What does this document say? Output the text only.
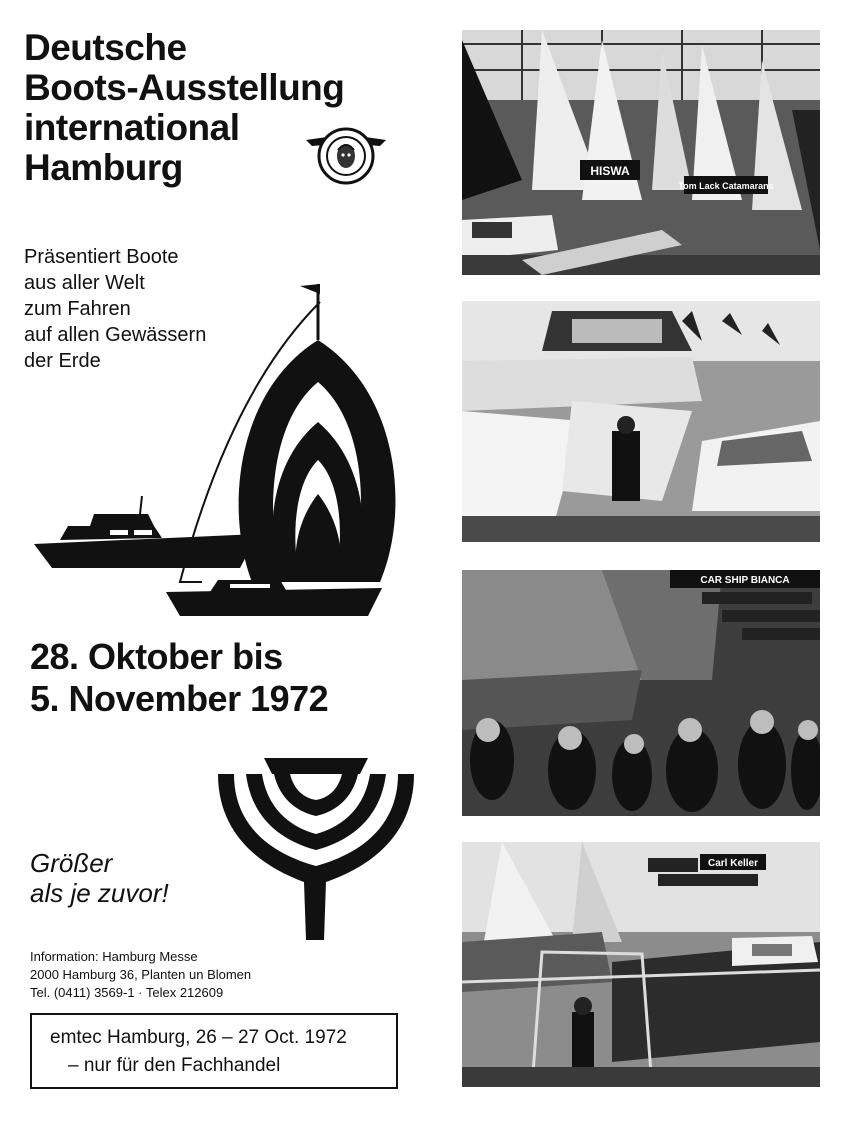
Deutsche
Boots-Ausstellung
international
Hamburg
Präsentiert Boote
aus aller Welt
zum Fahren
auf allen Gewässern
der Erde
28. Oktober bis
5. November 1972
Größer
als je zuvor!
Information: Hamburg Messe
2000 Hamburg 36, Planten un Blomen
Tel. (0411) 3569-1 · Telex 212609
emtec Hamburg, 26 – 27 Oct. 1972
– nur für den Fachhandel
HISWA
Tom Lack Catamarans
CAR SHIP BIANCA
Carl Keller
